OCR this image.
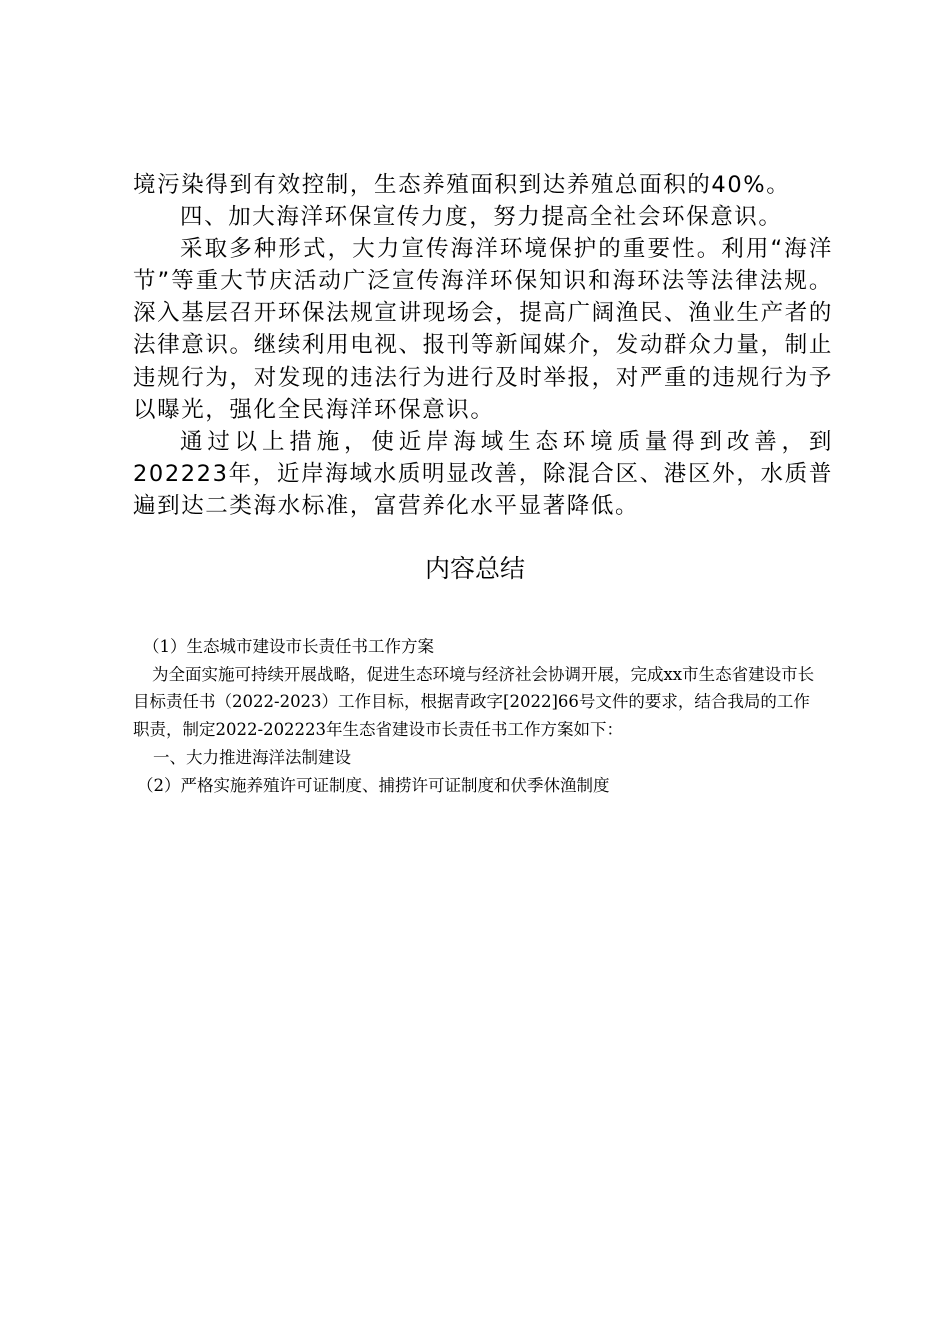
境污染得到有效控制，生态养殖面积到达养殖总面积的40%。

四、加大海洋环保宣传力度，努力提高全社会环保意识。

采取多种形式，大力宣传海洋环境保护的重要性。利用“海洋节”等重大节庆活动广泛宣传海洋环保知识和海环法等法律法规。深入基层召开环保法规宣讲现场会，提高广阔渔民、渔业生产者的法律意识。继续利用电视、报刊等新闻媒介，发动群众力量，制止违规行为，对发现的违法行为进行及时举报，对严重的违规行为予以曝光，强化全民海洋环保意识。

通过以上措施，使近岸海域生态环境质量得到改善，到202223年，近岸海域水质明显改善，除混合区、港区外，水质普遍到达二类海水标准，富营养化水平显著降低。

内容总结

（1）生态城市建设市长责任书工作方案

为全面实施可持续开展战略，促进生态环境与经济社会协调开展，完成xx市生态省建设市长目标责任书（2022-2023）工作目标，根据青政字[2022]66号文件的要求，结合我局的工作职责，制定2022-202223年生态省建设市长责任书工作方案如下：

一、大力推进海洋法制建设

（2）严格实施养殖许可证制度、捕捞许可证制度和伏季休渔制度
